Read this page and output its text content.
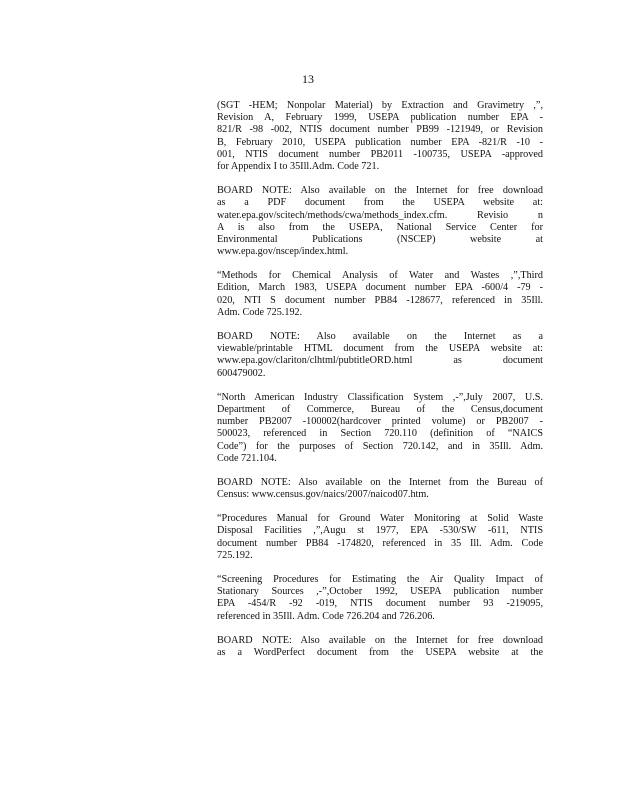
13

(SGT -HEM; Nonpolar Material) by Extraction and Gravimetry ,”,
Revision A, February 1999, USEPA publication number EPA -
821/R -98 -002, NTIS document number PB99 -121949, or Revision
B, February 2010, USEPA publication number EPA -821/R -10 -
001, NTIS document number PB2011 -100735, USEPA -approved
for Appendix I to 35Ill.Adm. Code 721.

BOARD NOTE: Also available on the Internet for free download
as a PDF document from the USEPA website at:
water.epa.gov/scitech/methods/cwa/methods_index.cfm. Revisio n
A is also from the USEPA, National Service Center for
Environmental Publications (NSCEP) website at
www.epa.gov/nscep/index.html.

“Methods for Chemical Analysis of Water and Wastes ,”,Third
Edition, March 1983, USEPA document number EPA -600/4 -79 -
020, NTI S document number PB84 -128677, referenced in 35Ill.
Adm. Code 725.192.

BOARD NOTE: Also available on the Internet as a
viewable/printable HTML document from the USEPA website at:
www.epa.gov/clariton/clhtml/pubtitleORD.html as document
600479002.

“North American Industry Classification System ,-”,July 2007, U.S.
Department of Commerce, Bureau of the Census,document
number PB2007 -100002(hardcover printed volume) or PB2007 -
500023, referenced in Section 720.110 (definition of “NAICS
Code”) for the purposes of Section 720.142, and in 35Ill. Adm.
Code 721.104.

BOARD NOTE: Also available on the Internet from the Bureau of
Census: www.census.gov/naics/2007/naicod07.htm.

“Procedures Manual for Ground Water Monitoring at Solid Waste
Disposal Facilities ,”,Augu st 1977, EPA -530/SW -611, NTIS
document number PB84 -174820, referenced in 35 Ill. Adm. Code
725.192.

“Screening Procedures for Estimating the Air Quality Impact of
Stationary Sources ,-”,October 1992, USEPA publication number
EPA -454/R -92 -019, NTIS document number 93 -219095,
referenced in 35Ill. Adm. Code 726.204 and 726.206.

BOARD NOTE: Also available on the Internet for free download
as a WordPerfect document from the USEPA website at the
